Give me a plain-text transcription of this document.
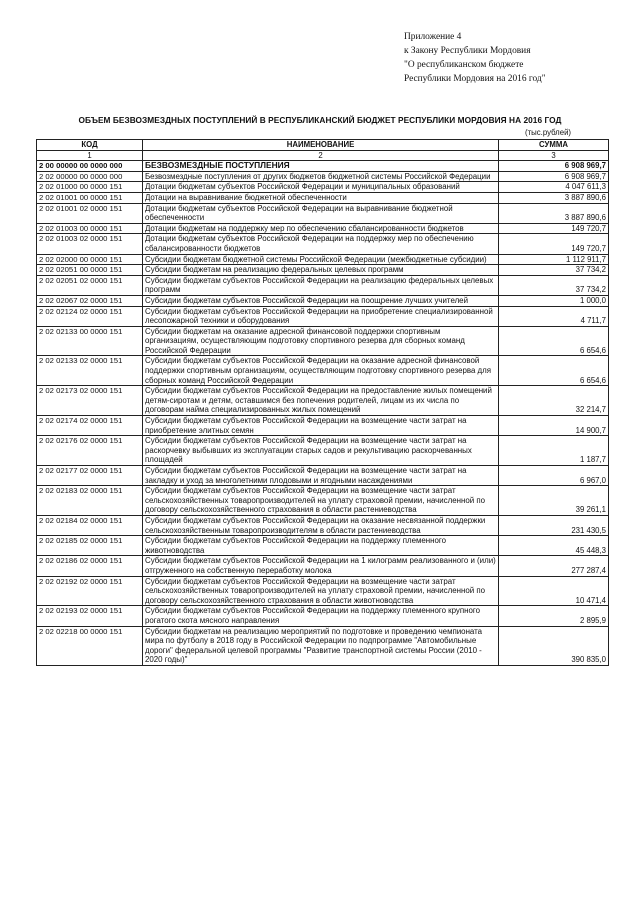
Приложение 4
к Закону Республики Мордовия
"О республиканском бюджете
Республики Мордовия на 2016 год"
ОБЪЕМ БЕЗВОЗМЕЗДНЫХ ПОСТУПЛЕНИЙ В РЕСПУБЛИКАНСКИЙ БЮДЖЕТ РЕСПУБЛИКИ МОРДОВИЯ НА 2016 ГОД
(тыс.рублей)
КОД	НАИМЕНОВАНИЕ	СУММА
1	2	3
2 00 00000 00 0000 000	БЕЗВОЗМЕЗДНЫЕ ПОСТУПЛЕНИЯ	6 908 969,7
2 02 00000 00 0000 000	Безвозмездные поступления от других бюджетов бюджетной системы Российской Федерации	6 908 969,7
2 02 01000 00 0000 151	Дотации бюджетам субъектов Российской Федерации и муниципальных образований	4 047 611,3
2 02 01001 00 0000 151	Дотации на выравнивание бюджетной обеспеченности	3 887 890,6
2 02 01001 02 0000 151	Дотации бюджетам субъектов Российской Федерации на выравнивание бюджетной обеспеченности	3 887 890,6
2 02 01003 00 0000 151	Дотации бюджетам на поддержку мер по обеспечению сбалансированности бюджетов	149 720,7
2 02 01003 02 0000 151	Дотации бюджетам субъектов Российской Федерации на поддержку мер по обеспечению сбалансированности бюджетов	149 720,7
2 02 02000 00 0000 151	Субсидии бюджетам бюджетной системы Российской Федерации (межбюджетные субсидии)	1 112 911,7
2 02 02051 00 0000 151	Субсидии бюджетам на реализацию федеральных целевых программ	37 734,2
2 02 02051 02 0000 151	Субсидии бюджетам субъектов Российской Федерации на реализацию федеральных целевых программ	37 734,2
2 02 02067 02 0000 151	Субсидии бюджетам субъектов Российской Федерации на поощрение лучших учителей	1 000,0
2 02 02124 02 0000 151	Субсидии бюджетам субъектов Российской Федерации на приобретение специализированной лесопожарной техники и оборудования	4 711,7
2 02 02133 00 0000 151	Субсидии бюджетам на оказание адресной финансовой поддержки спортивным организациям, осуществляющим подготовку спортивного резерва для сборных команд Российской Федерации	6 654,6
2 02 02133 02 0000 151	Субсидии бюджетам субъектов Российской Федерации на оказание адресной финансовой поддержки спортивным организациям, осуществляющим подготовку спортивного резерва для сборных команд Российской Федерации	6 654,6
2 02 02173 02 0000 151	Субсидии бюджетам субъектов Российской Федерации на предоставление жилых помещений детям-сиротам и детям, оставшимся без попечения родителей, лицам из их числа по договорам найма специализированных жилых помещений	32 214,7
2 02 02174 02 0000 151	Субсидии бюджетам субъектов Российской Федерации на возмещение части затрат на приобретение элитных семян	14 900,7
2 02 02176 02 0000 151	Субсидии бюджетам субъектов Российской Федерации на возмещение части затрат на раскорчевку выбывших из эксплуатации старых садов и рекультивацию раскорчеванных площадей	1 187,7
2 02 02177 02 0000 151	Субсидии бюджетам субъектов Российской Федерации на возмещение части затрат на закладку и уход за многолетними плодовыми и ягодными насаждениями	6 967,0
2 02 02183 02 0000 151	Субсидии бюджетам субъектов Российской Федерации на возмещение части затрат сельскохозяйственных товаропроизводителей на уплату страховой премии, начисленной по договору сельскохозяйственного страхования в области растениеводства	39 261,1
2 02 02184 02 0000 151	Субсидии бюджетам субъектов Российской Федерации на оказание несвязанной поддержки сельскохозяйственным товаропроизводителям в области растениеводства	231 430,5
2 02 02185 02 0000 151	Субсидии бюджетам субъектов Российской Федерации на поддержку племенного животноводства	45 448,3
2 02 02186 02 0000 151	Субсидии бюджетам субъектов Российской Федерации на 1 килограмм реализованного и (или) отгруженного на собственную переработку молока	277 287,4
2 02 02192 02 0000 151	Субсидии бюджетам субъектов Российской Федерации на возмещение части затрат сельскохозяйственных товаропроизводителей на уплату страховой премии, начисленной по договору сельскохозяйственного страхования в области животноводства	10 471,4
2 02 02193 02 0000 151	Субсидии бюджетам субъектов Российской Федерации на поддержку племенного крупного рогатого скота мясного направления	2 895,9
2 02 02218 00 0000 151	Субсидии бюджетам на реализацию мероприятий по подготовке и проведению чемпионата мира по футболу в 2018 году в Российской Федерации по подпрограмме "Автомобильные дороги" федеральной целевой программы "Развитие транспортной системы России (2010 - 2020 годы)"	390 835,0
